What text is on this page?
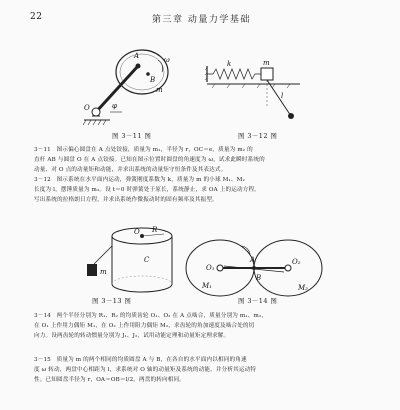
22	第三章 动量力学基础
A
O
B
φ
ω
m
图 3－11 图
k	m
l
图 3－12 图
3－11　图示偏心圆盘在 A 点处铰接，质量为 m₁，半径为 r，OC＝e，质量为 m₂ 的
直杆 AB 与圆盘 O 在 A 点铰接。已知在图示位置时圆盘的角速度为 ω，试求此瞬时系统的
动量、对 O 点的动量矩和动能，并求出系统的动量矩守恒条件及其表达式。
3－12　图示系统在水平面内运动，弹簧刚度系数为 k，质量为 m 的小球 M₁、M₂
长度为 l，摆锤质量为 m₂。设 t＝0 时弹簧处于原长，系统静止，求 OA 上的运动方程。
写出系统的拉格朗日方程，并求出系统作微振动时的固有频率及其振型。
R
O
C
m
图 3－13 图
O₁
O₂
A
B
M₁	M₂
图 3－14 图
3－14　两个半径分别为 R₁、R₂ 的均质齿轮 O₁、O₂ 在 A 点啮合，质量分别为 m₁、m₂，
在 O₁ 上作用力偶矩 M₁，在 O₂ 上作用阻力偶矩 M₂，求齿轮的角加速度及啮合处的切
向力。设两齿轮的转动惯量分别为 J₁、J₂，试用动能定理和动量矩定理求解。
3－15　质量为 m 的两个相同的均质圆盘 A 与 B，在各自的水平面内以相同的角速
度 ω 转动，两盘中心相距为 l，求系统对 O 轴的动量矩及系统的动能，并分析其运动特
性。已知圆盘半径为 r，OA＝OB＝l/2，两盘的转向相同。
